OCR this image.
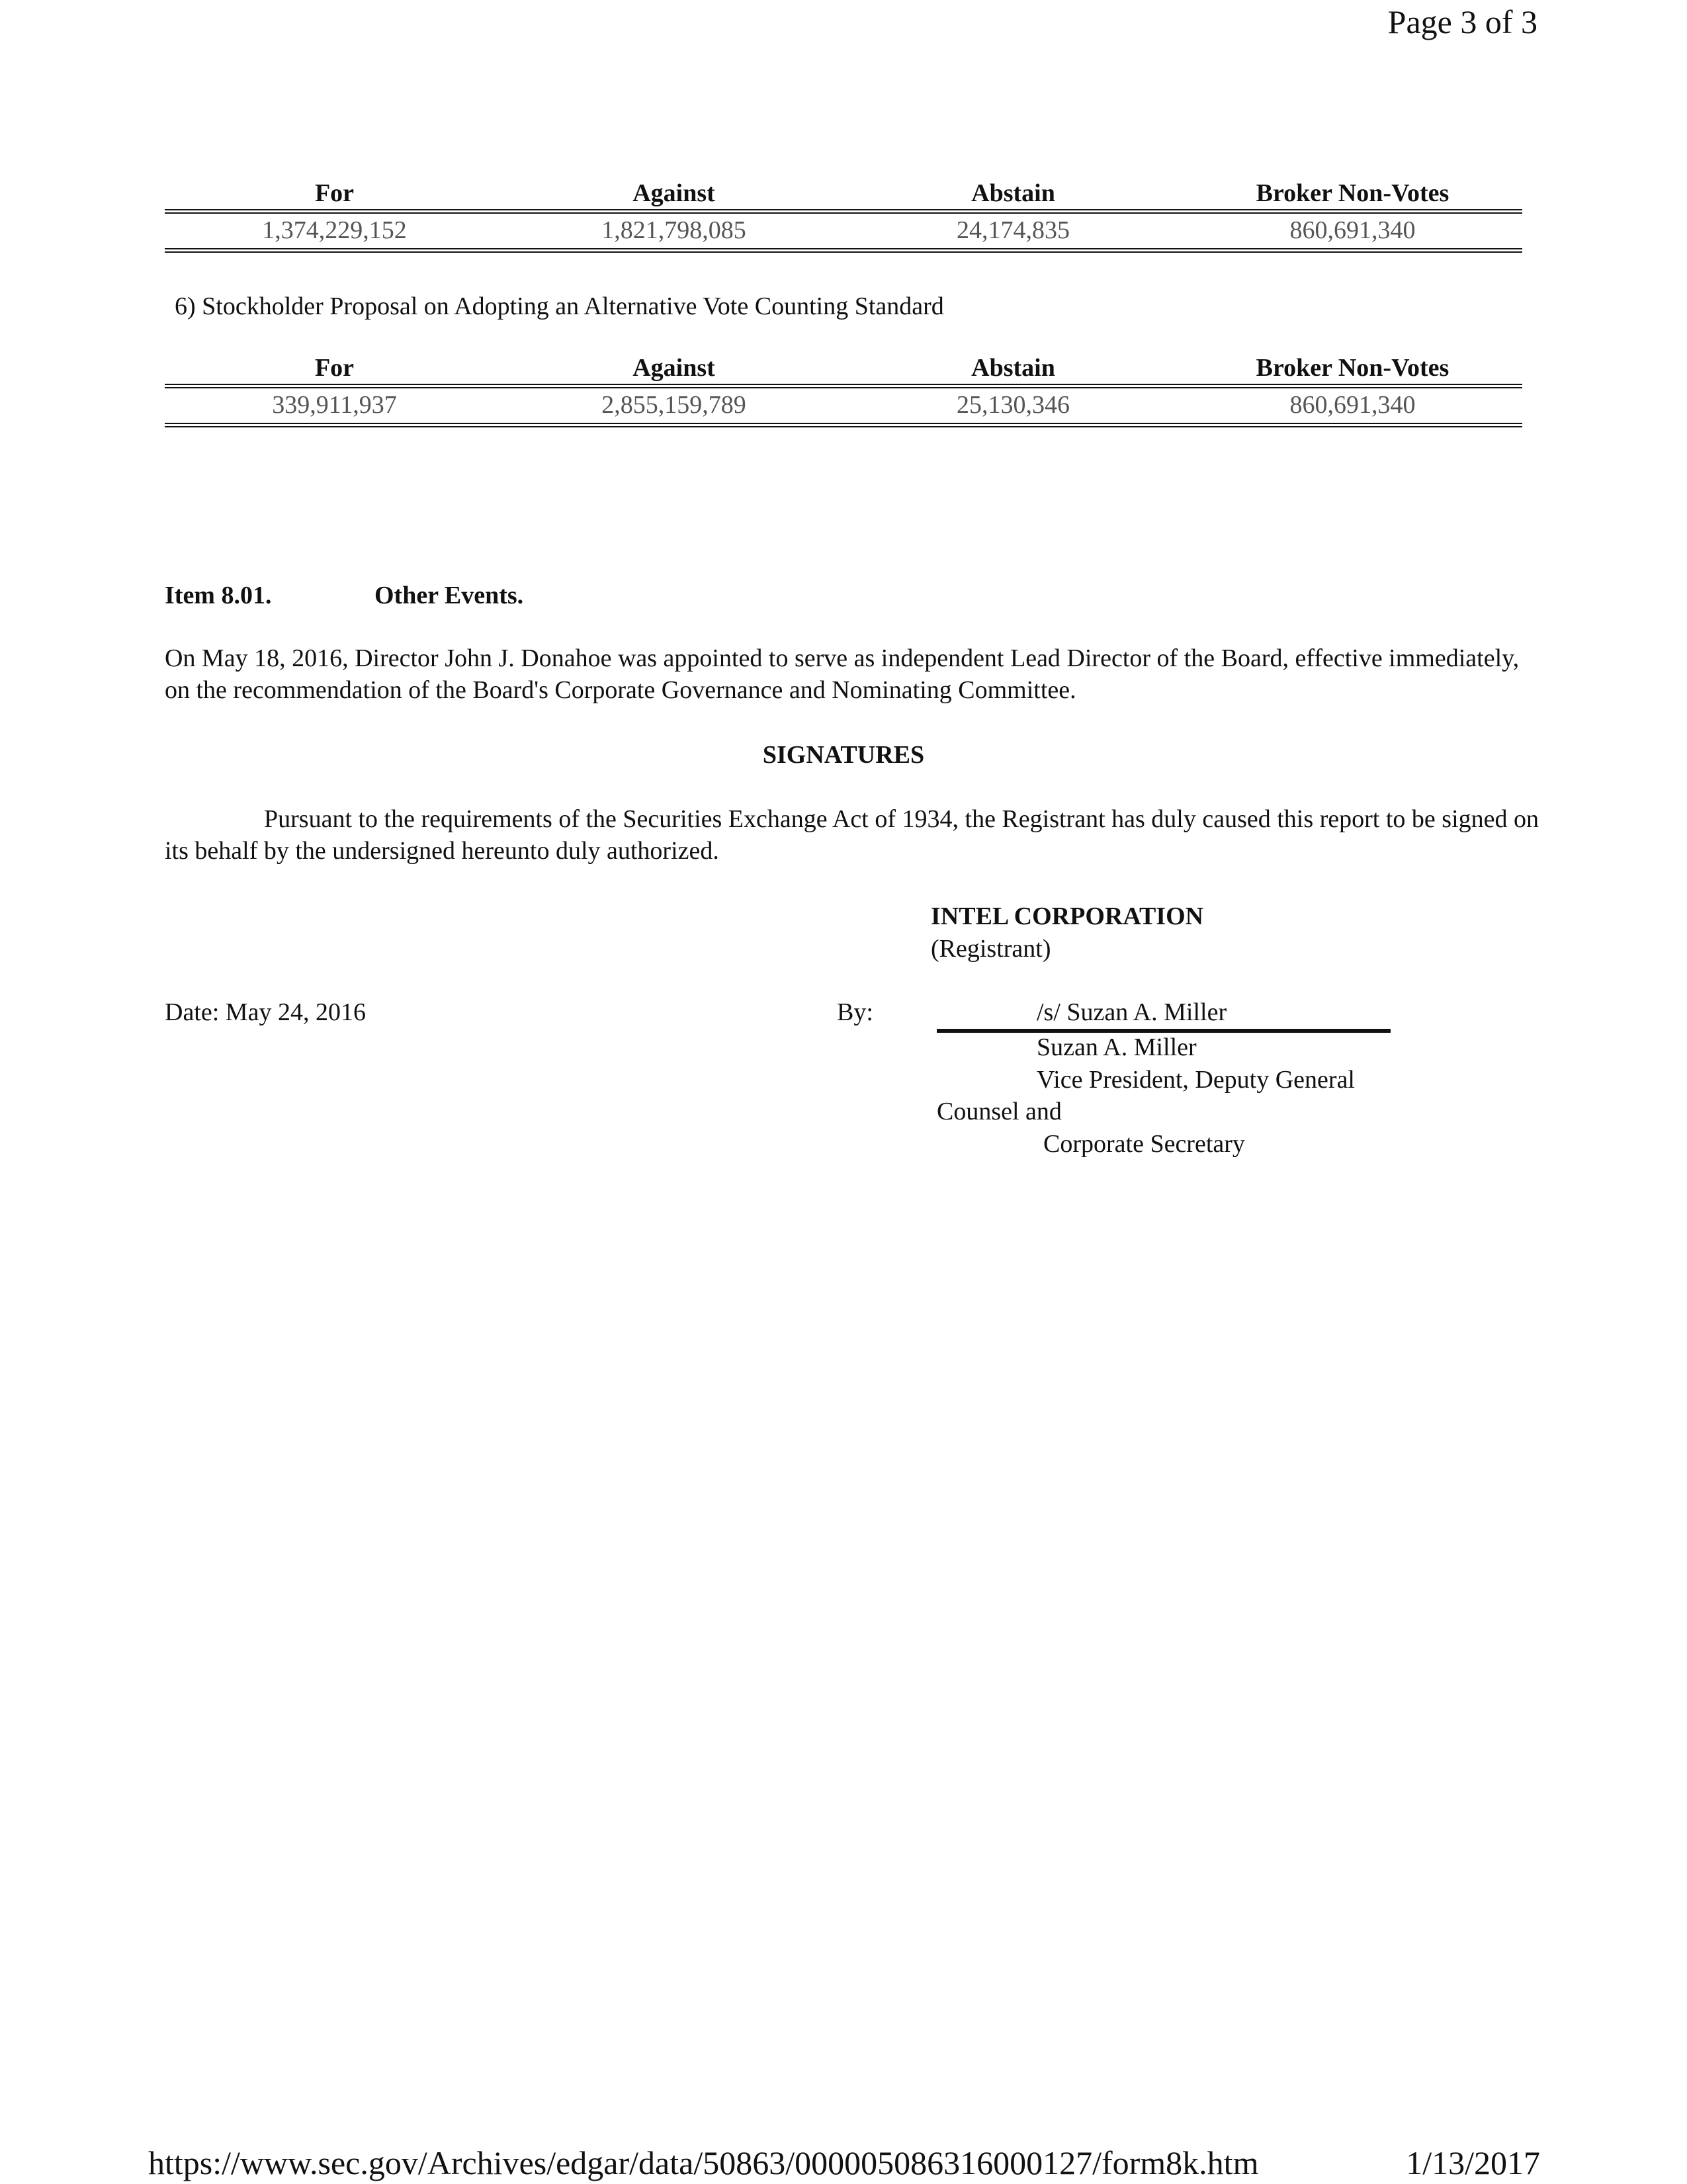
Page 3 of 3
For	Against	Abstain	Broker Non-Votes
1,374,229,152	1,821,798,085	24,174,835	860,691,340
6) Stockholder Proposal on Adopting an Alternative Vote Counting Standard
For	Against	Abstain	Broker Non-Votes
339,911,937	2,855,159,789	25,130,346	860,691,340
Item 8.01.	Other Events.
On May 18, 2016, Director John J. Donahoe was appointed to serve as independent Lead Director of the Board, effective immediately, on the recommendation of the Board's Corporate Governance and Nominating Committee.
SIGNATURES
Pursuant to the requirements of the Securities Exchange Act of 1934, the Registrant has duly caused this report to be signed on its behalf by the undersigned hereunto duly authorized.
INTEL CORPORATION
(Registrant)
Date: May 24, 2016	By:	/s/ Suzan A. Miller
Suzan A. Miller
Vice President, Deputy General
Counsel and
Corporate Secretary
https://www.sec.gov/Archives/edgar/data/50863/000005086316000127/form8k.htm	1/13/2017
